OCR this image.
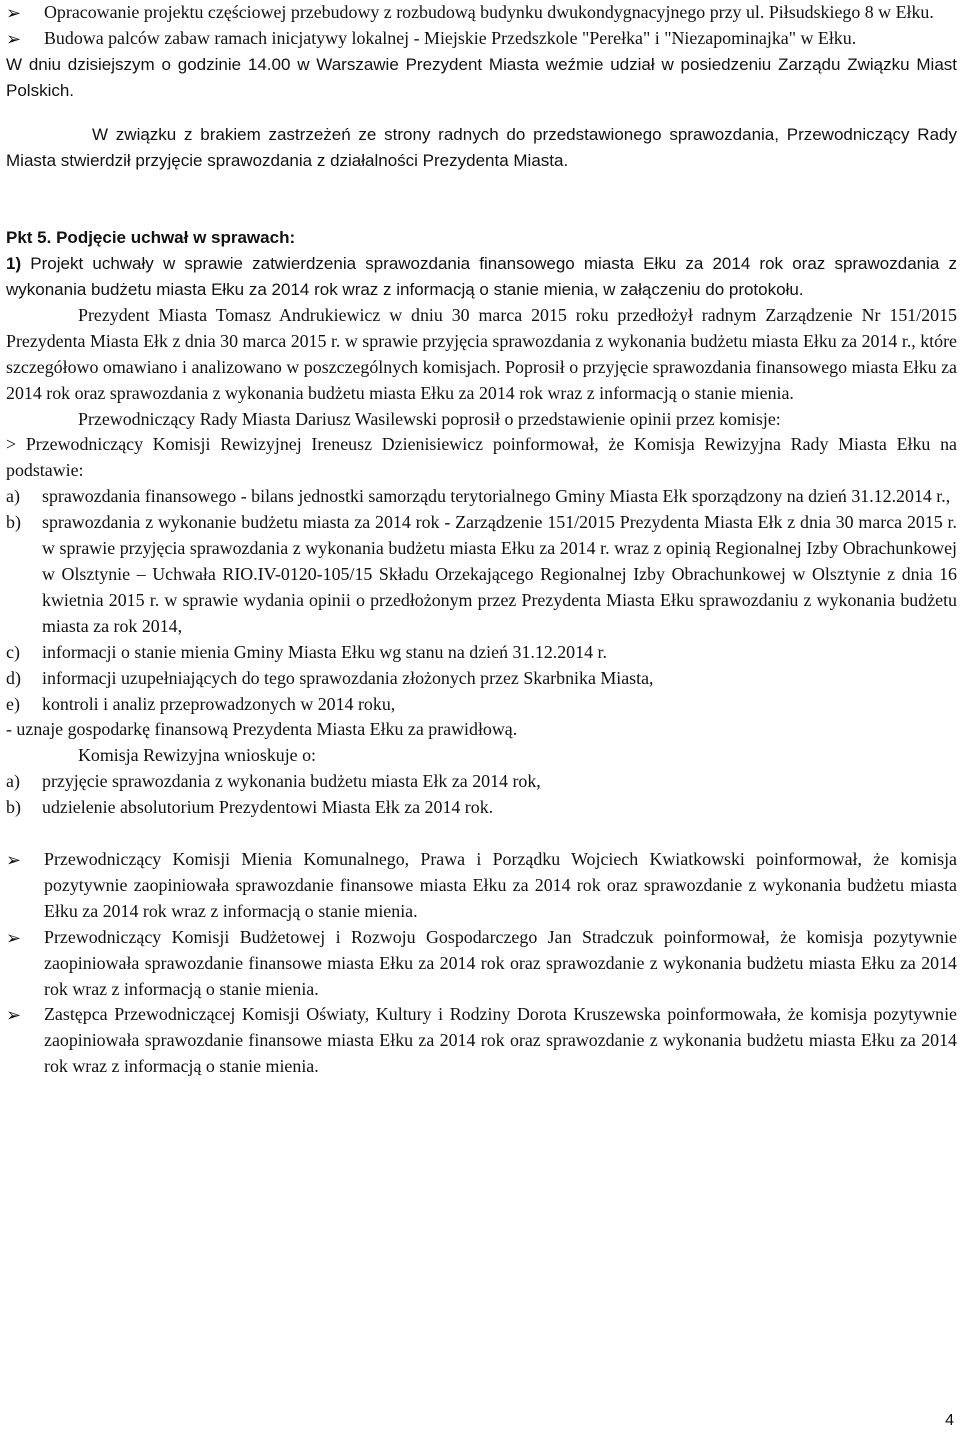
➢	Opracowanie projektu częściowej przebudowy z rozbudową budynku dwukondygnacyjnego przy ul. Piłsudskiego 8 w Ełku.

➢	Budowa palców zabaw ramach inicjatywy lokalnej - Miejskie Przedszkole "Perełka" i "Niezapominajka" w Ełku.

W dniu dzisiejszym o godzinie 14.00 w Warszawie Prezydent Miasta weźmie udział w posiedzeniu Zarządu Związku Miast Polskich.

W związku z brakiem zastrzeżeń ze strony radnych do przedstawionego sprawozdania, Przewodniczący Rady Miasta stwierdził przyjęcie sprawozdania z działalności Prezydenta Miasta.

Pkt 5. Podjęcie uchwał w sprawach:

1) Projekt uchwały w sprawie zatwierdzenia sprawozdania finansowego miasta Ełku za 2014 rok oraz sprawozdania z wykonania budżetu miasta Ełku za 2014 rok wraz z informacją o stanie mienia, w załączeniu do protokołu.

Prezydent Miasta Tomasz Andrukiewicz w dniu 30 marca 2015 roku przedłożył radnym Zarządzenie Nr 151/2015 Prezydenta Miasta Ełk z dnia 30 marca 2015 r. w sprawie przyjęcia sprawozdania z wykonania budżetu miasta Ełku za 2014 r., które szczegółowo omawiano i analizowano w poszczególnych komisjach. Poprosił o przyjęcie sprawozdania finansowego miasta Ełku za 2014 rok oraz sprawozdania z wykonania budżetu miasta Ełku za 2014 rok wraz z informacją o stanie mienia.

Przewodniczący Rady Miasta Dariusz Wasilewski poprosił o przedstawienie opinii przez komisje:

> Przewodniczący Komisji Rewizyjnej Ireneusz Dzienisiewicz poinformował, że Komisja Rewizyjna Rady Miasta Ełku na podstawie:

a) sprawozdania finansowego - bilans jednostki samorządu terytorialnego Gminy Miasta Ełk sporządzony na dzień 31.12.2014 r.,

b) sprawozdania z wykonanie budżetu miasta za 2014 rok - Zarządzenie 151/2015 Prezydenta Miasta Ełk z dnia 30 marca 2015 r. w sprawie przyjęcia sprawozdania z wykonania budżetu miasta Ełku za 2014 r. wraz z opinią Regionalnej Izby Obrachunkowej w Olsztynie – Uchwała RIO.IV-0120-105/15 Składu Orzekającego Regionalnej Izby Obrachunkowej w Olsztynie z dnia 16 kwietnia 2015 r. w sprawie wydania opinii o przedłożonym przez Prezydenta Miasta Ełku sprawozdaniu z wykonania budżetu miasta za rok 2014,

c) informacji o stanie mienia Gminy Miasta Ełku wg stanu na dzień 31.12.2014 r.

d) informacji uzupełniających do tego sprawozdania złożonych przez Skarbnika Miasta,

e) kontroli i analiz przeprowadzonych w 2014 roku,

- uznaje gospodarkę finansową Prezydenta Miasta Ełku za prawidłową.

Komisja Rewizyjna wnioskuje o:

a) przyjęcie sprawozdania z wykonania budżetu miasta Ełk za 2014 rok,

b) udzielenie absolutorium Prezydentowi Miasta Ełk za 2014 rok.

➢	Przewodniczący Komisji Mienia Komunalnego, Prawa i Porządku Wojciech Kwiatkowski poinformował, że komisja pozytywnie zaopiniowała sprawozdanie finansowe miasta Ełku za 2014 rok oraz sprawozdanie z wykonania budżetu miasta Ełku za 2014 rok wraz z informacją o stanie mienia.

➢	Przewodniczący Komisji Budżetowej i Rozwoju Gospodarczego Jan Stradczuk poinformował, że komisja pozytywnie zaopiniowała sprawozdanie finansowe miasta Ełku za 2014 rok oraz sprawozdanie z wykonania budżetu miasta Ełku za 2014 rok wraz z informacją o stanie mienia.

➢	Zastępca Przewodniczącej Komisji Oświaty, Kultury i Rodziny Dorota Kruszewska poinformowała, że komisja pozytywnie zaopiniowała sprawozdanie finansowe miasta Ełku za 2014 rok oraz sprawozdanie z wykonania budżetu miasta Ełku za 2014 rok wraz z informacją o stanie mienia.

4
